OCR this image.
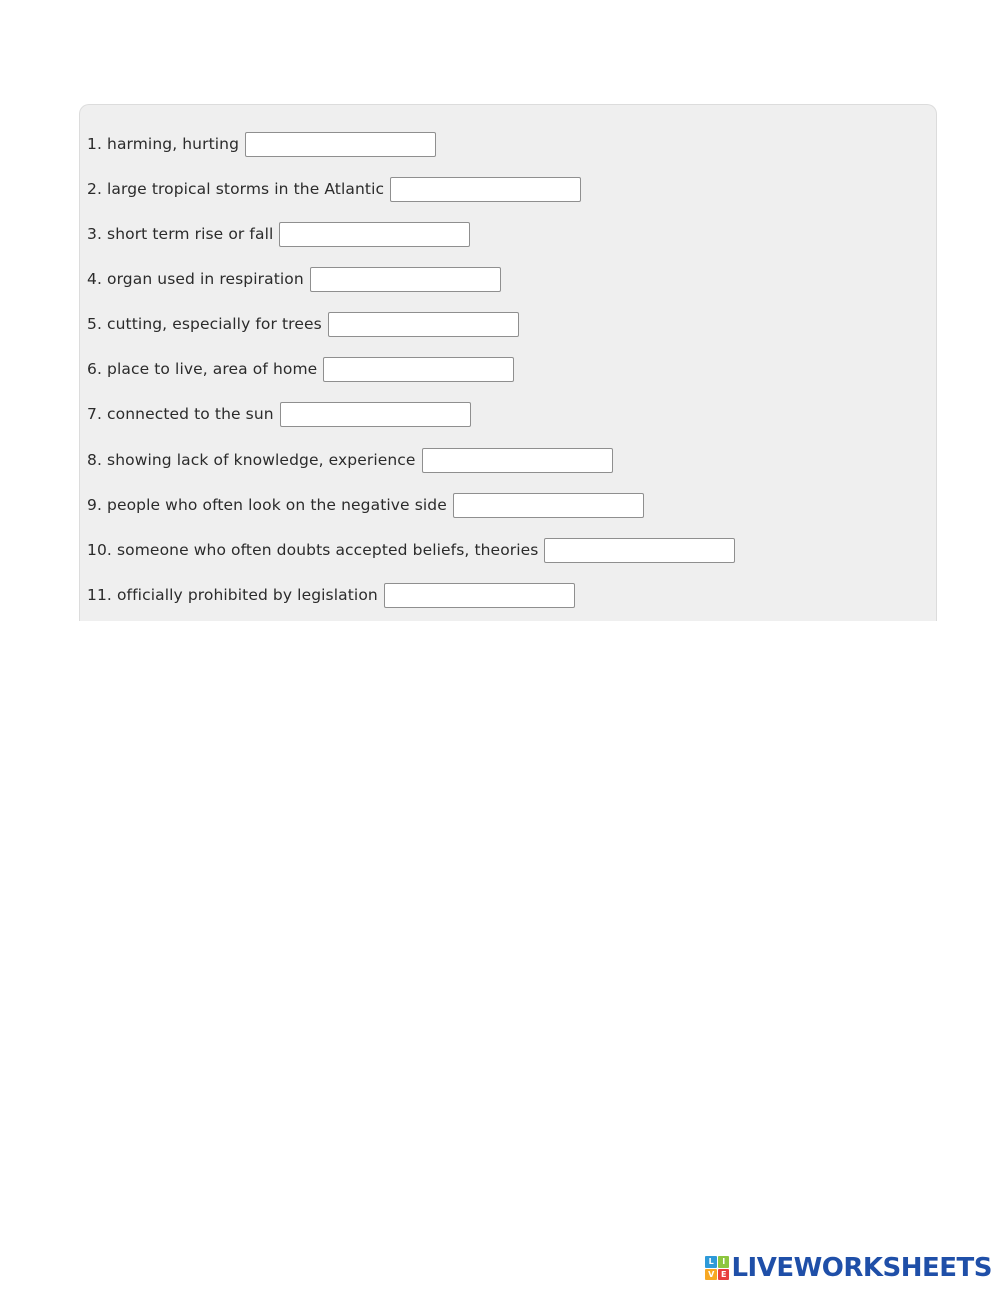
1. harming, hurting
2. large tropical storms in the Atlantic
3. short term rise or fall
4. organ used in respiration
5. cutting, especially for trees
6. place to live, area of home
7. connected to the sun
8. showing lack of knowledge, experience
9. people who often look on the negative side
10. someone who often doubts accepted beliefs, theories
11. officially prohibited by legislation
L	I
V E LIVEWORKSHEETS
